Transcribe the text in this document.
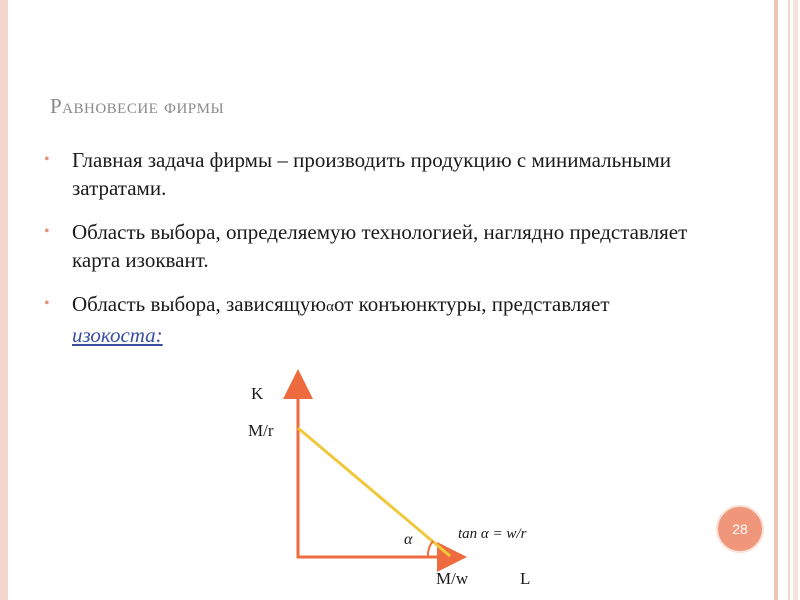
Равновесие фирмы
• Главная задача фирмы – производить продукцию с минимальными затратами.
• Область выбора, определяемую технологией, наглядно представляет карта изоквант.
• Область выбора, зависящуюαот конъюнктуры, представляет изокоста:
K
M/r
M/w	L
α	tan α = w/r	28
